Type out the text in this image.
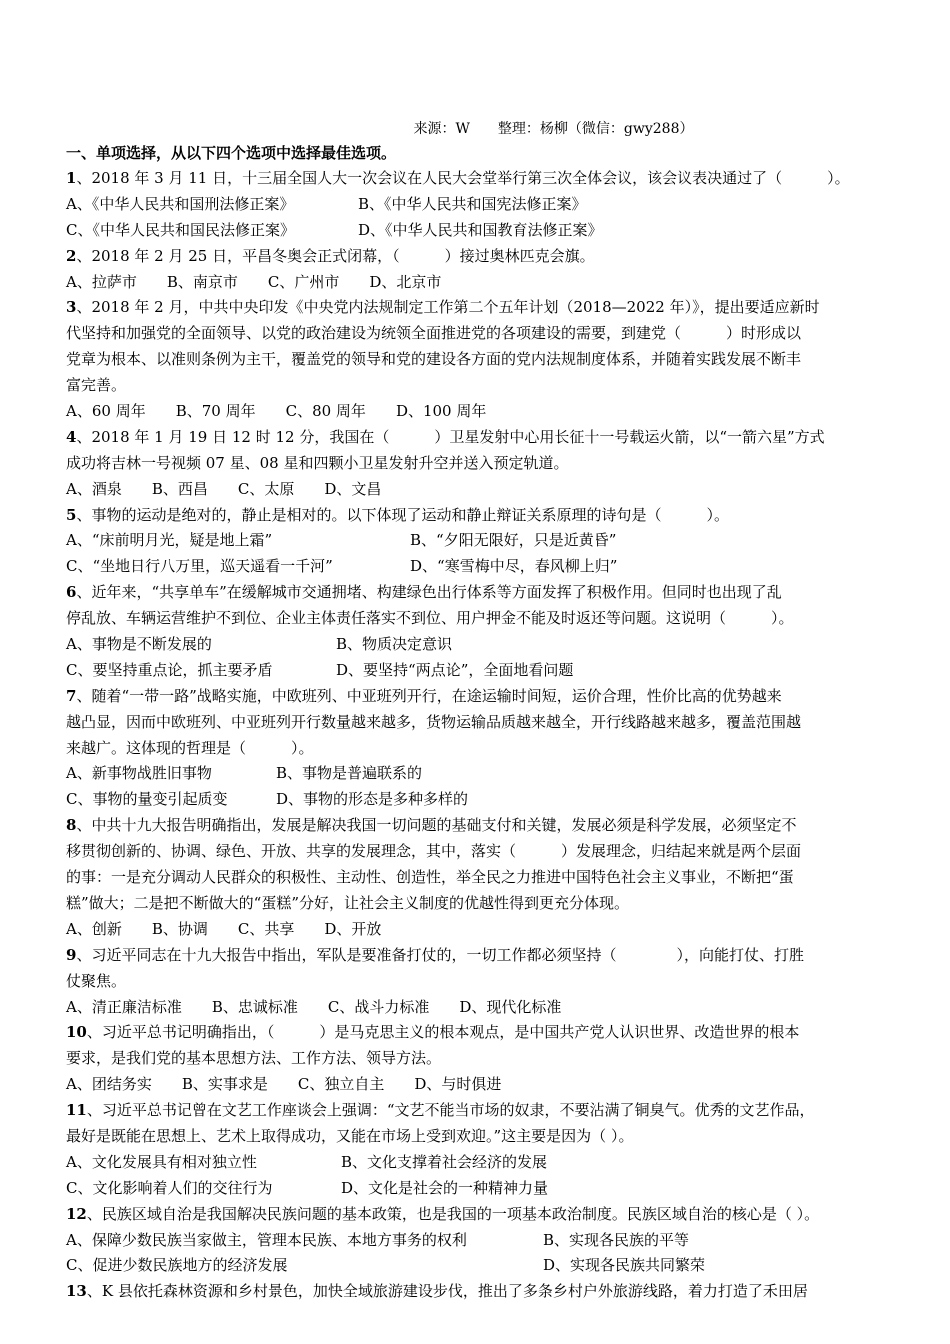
来源：W　　整理：杨柳（微信：gwy288）
一、单项选择，从以下四个选项中选择最佳选项。
1、2018 年 3 月 11 日，十三届全国人大一次会议在人民大会堂举行第三次全体会议，该会议表决通过了（　　　）。
A、《中华人民共和国刑法修正案》	B、《中华人民共和国宪法修正案》
C、《中华人民共和国民法修正案》	D、《中华人民共和国教育法修正案》
2、2018 年 2 月 25 日，平昌冬奥会正式闭幕，（　　　）接过奥林匹克会旗。
A、拉萨市 B、南京市 C、广州市 D、北京市
3、2018 年 2 月，中共中央印发《中央党内法规制定工作第二个五年计划（2018—2022 年）》，提出要适应新时
代坚持和加强党的全面领导、以党的政治建设为统领全面推进党的各项建设的需要，到建党（　　　）时形成以
党章为根本、以准则条例为主干，覆盖党的领导和党的建设各方面的党内法规制度体系，并随着实践发展不断丰
富完善。
A、60 周年 B、70 周年 C、80 周年 D、100 周年
4、2018 年 1 月 19 日 12 时 12 分，我国在（　　　）卫星发射中心用长征十一号载运火箭，以“一箭六星”方式
成功将吉林一号视频 07 星、08 星和四颗小卫星发射升空并送入预定轨道。
A、酒泉 B、西昌 C、太原 D、文昌
5、事物的运动是绝对的，静止是相对的。以下体现了运动和静止辩证关系原理的诗句是（　　　）。
A、“床前明月光，疑是地上霜”	B、“夕阳无限好，只是近黄昏”
C、“坐地日行八万里，巡天遥看一千河”	D、“寒雪梅中尽，春风柳上归”
6、近年来，“共享单车”在缓解城市交通拥堵、构建绿色出行体系等方面发挥了积极作用。但同时也出现了乱
停乱放、车辆运营维护不到位、企业主体责任落实不到位、用户押金不能及时返还等问题。这说明（　　　）。
A、事物是不断发展的	B、物质决定意识
C、要坚持重点论，抓主要矛盾	D、要坚持“两点论”，全面地看问题
7、随着“一带一路”战略实施，中欧班列、中亚班列开行，在途运输时间短，运价合理，性价比高的优势越来
越凸显，因而中欧班列、中亚班列开行数量越来越多，货物运输品质越来越全，开行线路越来越多，覆盖范围越
来越广。这体现的哲理是（　　　）。
A、新事物战胜旧事物	B、事物是普遍联系的
C、事物的量变引起质变	D、事物的形态是多种多样的
8、中共十九大报告明确指出，发展是解决我国一切问题的基础支付和关键，发展必须是科学发展，必须坚定不
移贯彻创新的、协调、绿色、开放、共享的发展理念，其中，落实（　　　）发展理念，归结起来就是两个层面
的事：一是充分调动人民群众的积极性、主动性、创造性，举全民之力推进中国特色社会主义事业，不断把“蛋
糕”做大；二是把不断做大的“蛋糕”分好，让社会主义制度的优越性得到更充分体现。
A、创新 B、协调 C、共享 D、开放
9、习近平同志在十九大报告中指出，军队是要准备打仗的，一切工作都必须坚持（　　　　），向能打仗、打胜
仗聚焦。
A、清正廉洁标准 B、忠诚标准 C、战斗力标准 D、现代化标准
10、习近平总书记明确指出，（　　　）是马克思主义的根本观点，是中国共产党人认识世界、改造世界的根本
要求，是我们党的基本思想方法、工作方法、领导方法。
A、团结务实 B、实事求是 C、独立自主 D、与时俱进
11、习近平总书记曾在文艺工作座谈会上强调：“文艺不能当市场的奴隶，不要沾满了铜臭气。优秀的文艺作品，
最好是既能在思想上、艺术上取得成功，又能在市场上受到欢迎。”这主要是因为（ ）。
A、文化发展具有相对独立性	B、文化支撑着社会经济的发展
C、文化影响着人们的交往行为	D、文化是社会的一种精神力量
12、民族区域自治是我国解决民族问题的基本政策，也是我国的一项基本政治制度。民族区域自治的核心是（ ）。
A、保障少数民族当家做主，管理本民族、本地方事务的权利	B、实现各民族的平等
C、促进少数民族地方的经济发展	D、实现各民族共同繁荣
13、K 县依托森林资源和乡村景色，加快全域旅游建设步伐，推出了多条乡村户外旅游线路，着力打造了禾田居
